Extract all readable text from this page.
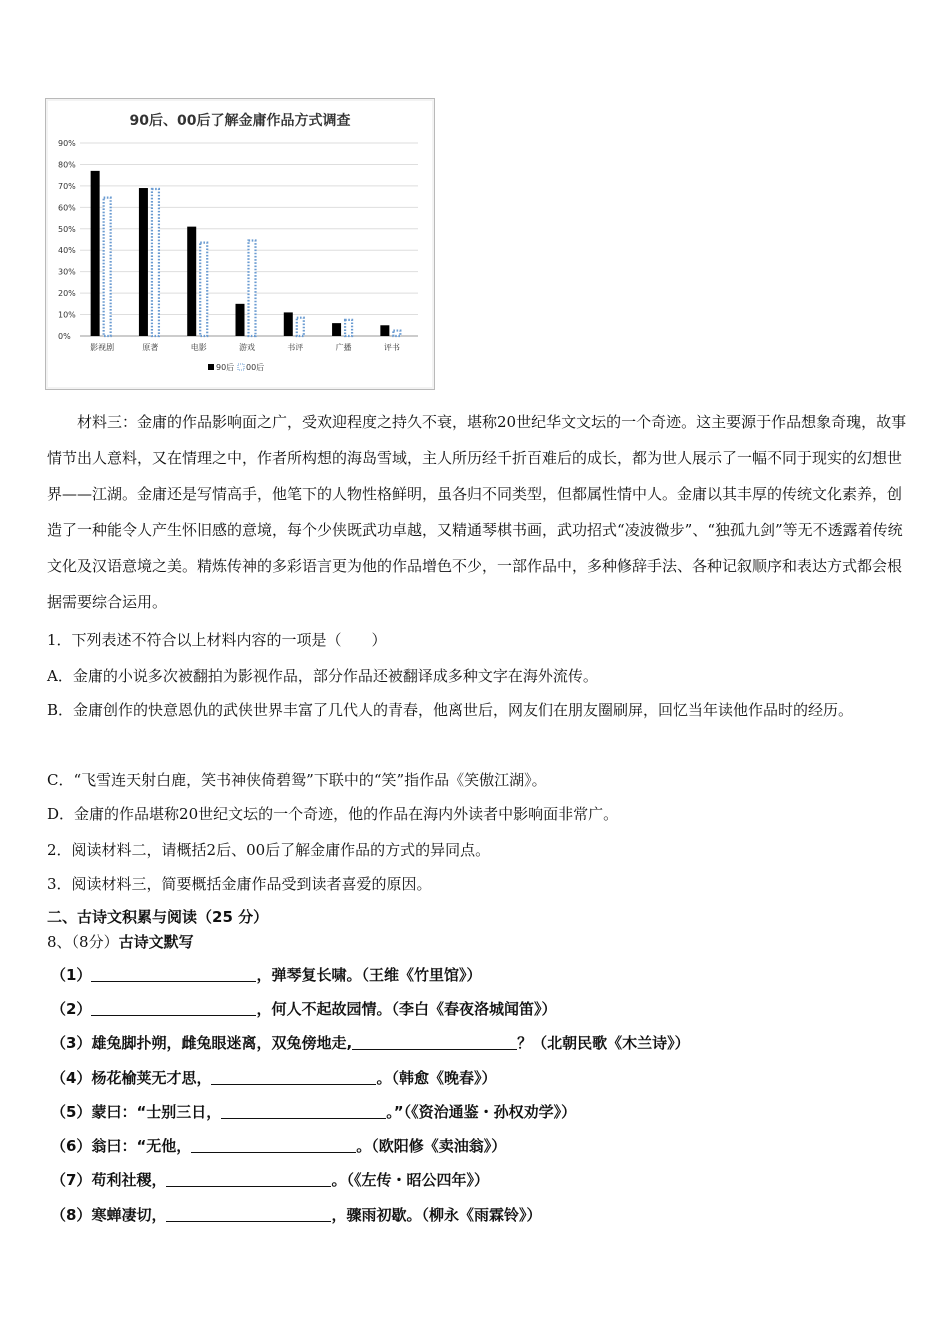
90后、00后了解金庸作品方式调查
0%
10%
20%
30%
40%
50%
60%
70%
80%
90%
影视剧	原著	电影	游戏	书评	广播	评书
90后 00后

材料三：金庸的作品影响面之广，受欢迎程度之持久不衰，堪称20世纪华文文坛的一个奇迹。这主要源于作品想象奇瑰，故事情节出人意料，又在情理之中，作者所构想的海岛雪域，主人所历经千折百难后的成长，都为世人展示了一幅不同于现实的幻想世界——江湖。金庸还是写情高手，他笔下的人物性格鲜明，虽各归不同类型，但都属性情中人。金庸以其丰厚的传统文化素养，创造了一种能令人产生怀旧感的意境，每个少侠既武功卓越，又精通琴棋书画，武功招式“凌波微步”、“独孤九剑”等无不透露着传统文化及汉语意境之美。精炼传神的多彩语言更为他的作品增色不少，一部作品中，多种修辞手法、各种记叙顺序和表达方式都会根据需要综合运用。

1．下列表述不符合以上材料内容的一项是（　　）

A．金庸的小说多次被翻拍为影视作品，部分作品还被翻译成多种文字在海外流传。

B．金庸创作的快意恩仇的武侠世界丰富了几代人的青春，他离世后，网友们在朋友圈刷屏，回忆当年读他作品时的经历。

C．“飞雪连天射白鹿，笑书神侠倚碧鸳”下联中的“笑”指作品《笑傲江湖》。

D．金庸的作品堪称20世纪文坛的一个奇迹，他的作品在海内外读者中影响面非常广。

2．阅读材料二，请概括2后、00后了解金庸作品的方式的异同点。

3．阅读材料三，简要概括金庸作品受到读者喜爱的原因。

二、古诗文积累与阅读（25 分）

8、（8分）古诗文默写

（1）	，弹琴复长啸。（王维《竹里馆》）

（2）	，何人不起故园情。（李白《春夜洛城闻笛》）

（3）雄兔脚扑朔，雌兔眼迷离，双兔傍地走,	？（北朝民歌《木兰诗》）

（4）杨花榆荚无才思，	。（韩愈《晚春》）

（5）蒙曰：“士别三日，	。”（《资治通鉴・孙权劝学》）

（6）翁曰：“无他，	。（欧阳修《卖油翁》）

（7）苟利社稷，	。（《左传・昭公四年》）

（8）寒蝉凄切，	，骤雨初歇。（柳永《雨霖铃》）
